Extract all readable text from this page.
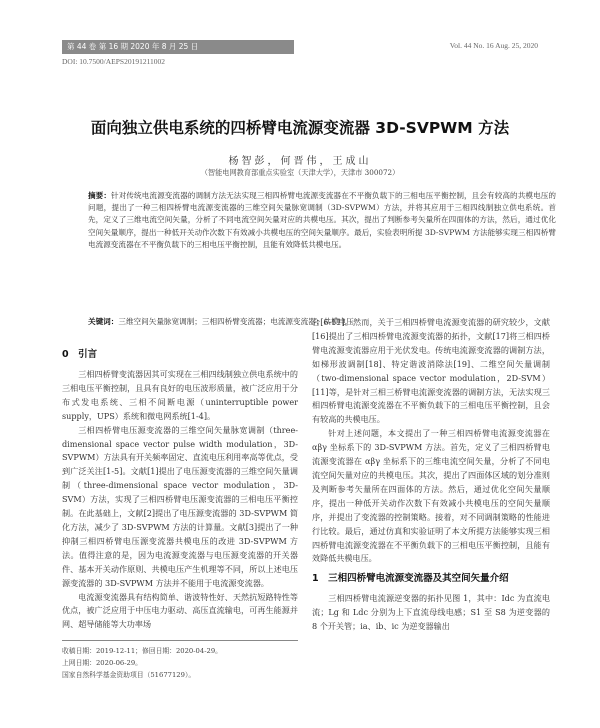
第 44 卷 第 16 期 2020 年 8 月 25 日	Vol. 44 No. 16 Aug. 25, 2020
DOI: 10.7500/AEPS20191211002
面向独立供电系统的四桥臂电流源变流器 3D-SVPWM 方法
杨智彭，何晋伟，王成山
（智能电网教育部重点实验室（天津大学），天津市 300072）
摘要：针对传统电流源变流器的调制方法无法实现三相四桥臂电流源变流器在不平衡负载下的三相电压平衡控制，且会有较高的共模电压的问题，提出了一种三相四桥臂电流源变流器的三维空间矢量脉宽调制（3D-SVPWM）方法，并将其应用于三相四线制独立供电系统。首先，定义了三维电流空间矢量，分析了不同电流空间矢量对应的共模电压。其次，提出了判断参考矢量所在四面体的方法，然后，通过优化空间矢量顺序，提出一种低开关动作次数下有效减小共模电压的空间矢量顺序。最后，实验表明所提 3D-SVPWM 方法能够实现三相四桥臂电流源变流器在不平衡负载下的三相电压平衡控制，且能有效降低共模电压。
关键词：三维空间矢量脉宽调制；三相四桥臂变流器；电流源变流器；共模电压
0　引言

三相四桥臂变流器因其可实现在三相四线制独立供电系统中的三相电压平衡控制，且具有良好的电压波形质量，被广泛应用于分布式发电系统、三相不间断电源（uninterruptible power supply，UPS）系统和微电网系统[1-4]。

三相四桥臂电压源变流器的三维空间矢量脉宽调制（three-dimensional space vector pulse width modulation，3D-SVPWM）方法具有开关频率固定、直流电压利用率高等优点，受到广泛关注[1-5]。文献[1]提出了电压源变流器的三维空间矢量调制（three-dimensional space vector modulation，3D-SVM）方法，实现了三相四桥臂电压源变流器的三相电压平衡控制。在此基础上，文献[2]提出了电压源变流器的 3D-SVPWM 简化方法，减少了 3D-SVPWM 方法的计算量。文献[3]提出了一种抑制三相四桥臂电压源变流器共模电压的改进 3D-SVPWM 方法。值得注意的是，因为电流源变流器与电压源变流器的开关器件、基本开关动作原则、共模电压产生机理等不同，所以上述电压源变流器的 3D-SVPWM 方法并不能用于电流源变流器。

电流源变流器具有结构简单、谐波特性好、天然抗短路特性等优点，被广泛应用于中压电力驱动、高压直流输电，可再生能源并网、超导储能等大功率场

收稿日期：2019-12-11；修回日期：2020-04-29。
上网日期：2020-06-29。
国家自然科学基金资助项目（51677129）。

合[6-11]。然而，关于三相四桥臂电流源变流器的研究较少，文献[16]提出了三相四桥臂电流源变流器的拓扑，文献[17]将三相四桥臂电流源变流器应用于光伏发电。传统电流源变流器的调制方法，如梯形波调制[18]、特定谐波消除法[19]、二维空间矢量调制（two-dimensional space vector modulation，2D-SVM）[11]等，是针对三相三桥臂电流源变流器的调制方法，无法实现三相四桥臂电流源变流器在不平衡负载下的三相电压平衡控制，且会有较高的共模电压。

针对上述问题，本文提出了一种三相四桥臂电流源变流器在 αβγ 坐标系下的 3D-SVPWM 方法。首先，定义了三相四桥臂电流源变流器在 αβγ 坐标系下的三维电流空间矢量，分析了不同电流空间矢量对应的共模电压。其次，提出了四面体区域的划分准则及判断参考矢量所在四面体的方法。然后，通过优化空间矢量顺序，提出一种低开关动作次数下有效减小共模电压的空间矢量顺序，并提出了变流器的控制策略。接着，对不同调制策略的性能进行比较。最后，通过仿真和实验证明了本文所提方法能够实现三相四桥臂电流源变流器在不平衡负载下的三相电压平衡控制，且能有效降低共模电压。

1　三相四桥臂电流源变流器及其空间矢量介绍

三相四桥臂电流源逆变器的拓扑见图 1，其中：Idc 为直流电流；Lg 和 Ldc 分别为上下直流母线电感；S1 至 S8 为逆变器的 8 个开关管；ia、ib、ic 为逆变器输出
